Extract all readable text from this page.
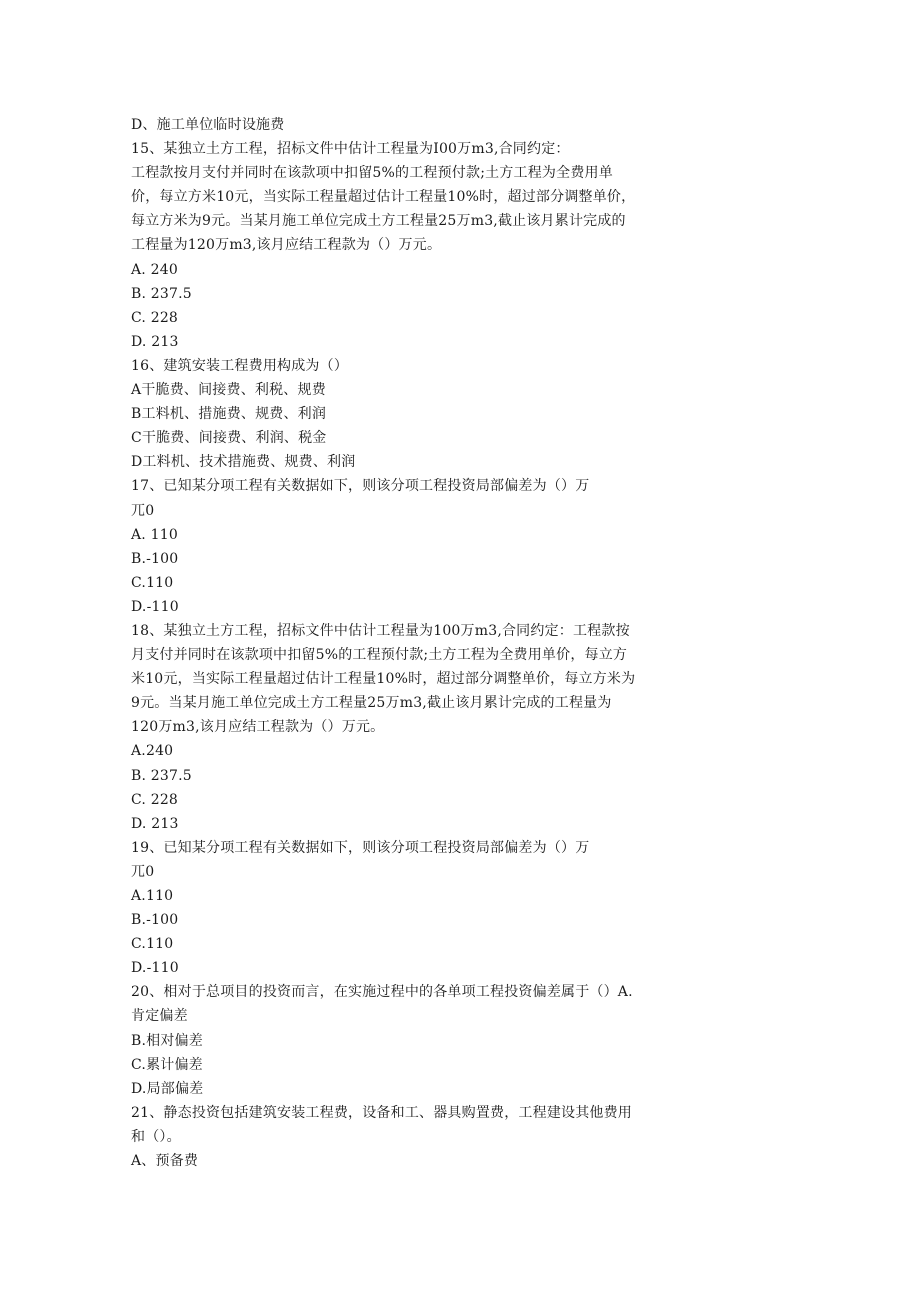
D、施工单位临时设施费
15、某独立土方工程，招标文件中估计工程量为I00万m3,合同约定：
工程款按月支付并同时在该款项中扣留5%的工程预付款;土方工程为全费用单
价，每立方米10元，当实际工程量超过估计工程量10%时，超过部分调整单价，
每立方米为9元。当某月施工单位完成土方工程量25万m3,截止该月累计完成的
工程量为120万m3,该月应结工程款为（）万元。
A. 240
B. 237.5
C. 228
D. 213
16、建筑安装工程费用构成为（）
A干脆费、间接费、利税、规费
B工料机、措施费、规费、利润
C干脆费、间接费、利润、税金
D工料机、技术措施费、规费、利润
17、已知某分项工程有关数据如下，则该分项工程投资局部偏差为（）万
兀0
A. 110
B.-100
C.110
D.-110
18、某独立土方工程，招标文件中估计工程量为100万m3,合同约定：工程款按
月支付并同时在该款项中扣留5%的工程预付款;土方工程为全费用单价，每立方
米10元，当实际工程量超过估计工程量10%时，超过部分调整单价，每立方米为
9元。当某月施工单位完成土方工程量25万m3,截止该月累计完成的工程量为
120万m3,该月应结工程款为（）万元。
A.240
B. 237.5
C. 228
D. 213
19、已知某分项工程有关数据如下，则该分项工程投资局部偏差为（）万
兀0
A.110
B.-100
C.110
D.-110
20、相对于总项目的投资而言，在实施过程中的各单项工程投资偏差属于（）A.
肯定偏差
B.相对偏差
C.累计偏差
D.局部偏差
21、静态投资包括建筑安装工程费，设备和工、器具购置费，工程建设其他费用
和（）。
A、预备费
